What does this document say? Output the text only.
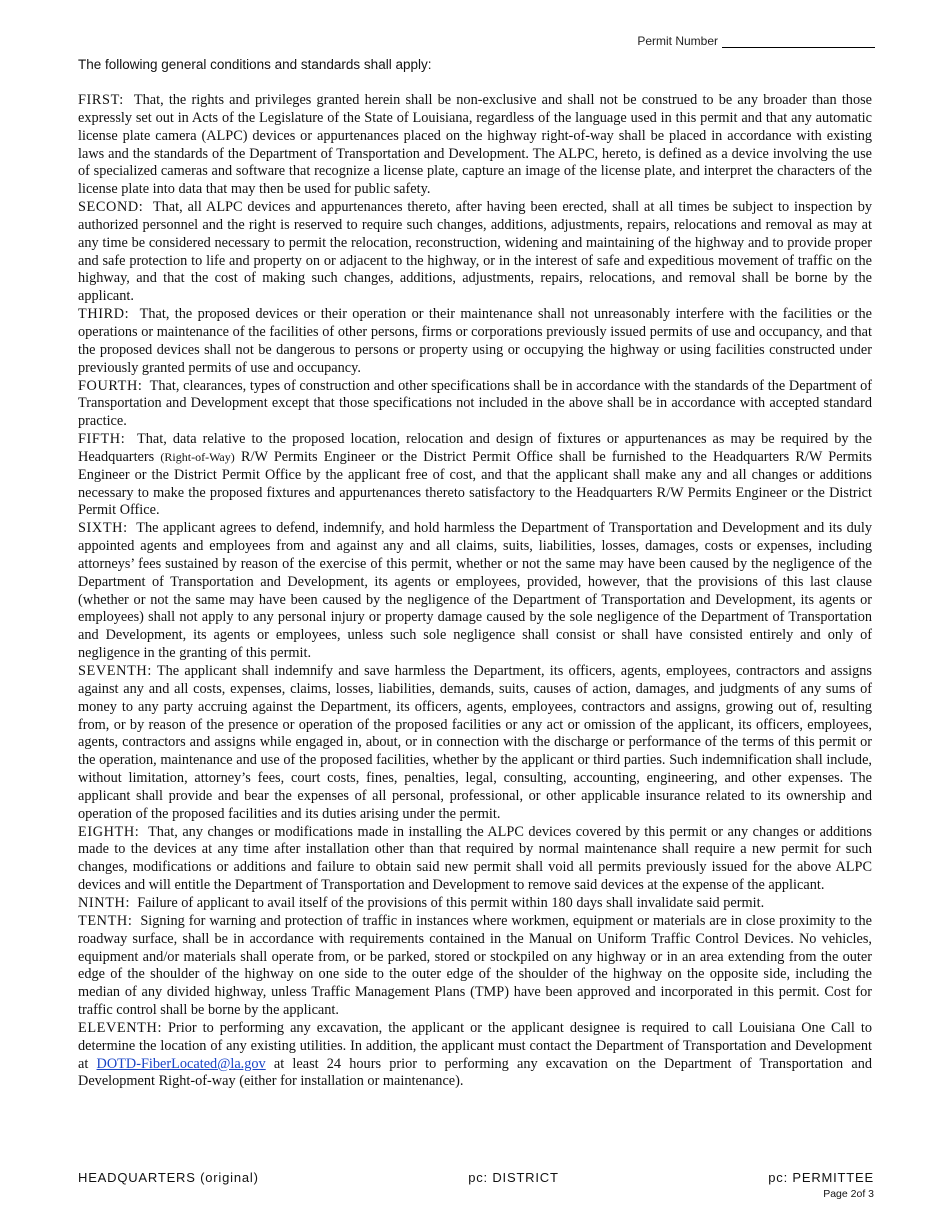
Permit Number
The following general conditions and standards shall apply:

FIRST: That, the rights and privileges granted herein shall be non-exclusive and shall not be construed to be any broader than those expressly set out in Acts of the Legislature of the State of Louisiana, regardless of the language used in this permit and that any automatic license plate camera (ALPC) devices or appurtenances placed on the highway right-of-way shall be placed in accordance with existing laws and the standards of the Department of Transportation and Development. The ALPC, hereto, is defined as a device involving the use of specialized cameras and software that recognize a license plate, capture an image of the license plate, and interpret the characters of the license plate into data that may then be used for public safety.

SECOND: That, all ALPC devices and appurtenances thereto, after having been erected, shall at all times be subject to inspection by authorized personnel and the right is reserved to require such changes, additions, adjustments, repairs, relocations and removal as may at any time be considered necessary to permit the relocation, reconstruction, widening and maintaining of the highway and to provide proper and safe protection to life and property on or adjacent to the highway, or in the interest of safe and expeditious movement of traffic on the highway, and that the cost of making such changes, additions, adjustments, repairs, relocations, and removal shall be borne by the applicant.

THIRD: That, the proposed devices or their operation or their maintenance shall not unreasonably interfere with the facilities or the operations or maintenance of the facilities of other persons, firms or corporations previously issued permits of use and occupancy, and that the proposed devices shall not be dangerous to persons or property using or occupying the highway or using facilities constructed under previously granted permits of use and occupancy.

FOURTH: That, clearances, types of construction and other specifications shall be in accordance with the standards of the Department of Transportation and Development except that those specifications not included in the above shall be in accordance with accepted standard practice.

FIFTH: That, data relative to the proposed location, relocation and design of fixtures or appurtenances as may be required by the Headquarters (Right-of-Way) R/W Permits Engineer or the District Permit Office shall be furnished to the Headquarters R/W Permits Engineer or the District Permit Office by the applicant free of cost, and that the applicant shall make any and all changes or additions necessary to make the proposed fixtures and appurtenances thereto satisfactory to the Headquarters R/W Permits Engineer or the District Permit Office.

SIXTH: The applicant agrees to defend, indemnify, and hold harmless the Department of Transportation and Development and its duly appointed agents and employees from and against any and all claims, suits, liabilities, losses, damages, costs or expenses, including attorneys’ fees sustained by reason of the exercise of this permit, whether or not the same may have been caused by the negligence of the Department of Transportation and Development, its agents or employees, provided, however, that the provisions of this last clause (whether or not the same may have been caused by the negligence of the Department of Transportation and Development, its agents or employees) shall not apply to any personal injury or property damage caused by the sole negligence of the Department of Transportation and Development, its agents or employees, unless such sole negligence shall consist or shall have consisted entirely and only of negligence in the granting of this permit.

SEVENTH: The applicant shall indemnify and save harmless the Department, its officers, agents, employees, contractors and assigns against any and all costs, expenses, claims, losses, liabilities, demands, suits, causes of action, damages, and judgments of any sums of money to any party accruing against the Department, its officers, agents, employees, contractors and assigns, growing out of, resulting from, or by reason of the presence or operation of the proposed facilities or any act or omission of the applicant, its officers, employees, agents, contractors and assigns while engaged in, about, or in connection with the discharge or performance of the terms of this permit or the operation, maintenance and use of the proposed facilities, whether by the applicant or third parties. Such indemnification shall include, without limitation, attorney’s fees, court costs, fines, penalties, legal, consulting, accounting, engineering, and other expenses. The applicant shall provide and bear the expenses of all personal, professional, or other applicable insurance related to its ownership and operation of the proposed facilities and its duties arising under the permit.

EIGHTH: That, any changes or modifications made in installing the ALPC devices covered by this permit or any changes or additions made to the devices at any time after installation other than that required by normal maintenance shall require a new permit for such changes, modifications or additions and failure to obtain said new permit shall void all permits previously issued for the above ALPC devices and will entitle the Department of Transportation and Development to remove said devices at the expense of the applicant.

NINTH: Failure of applicant to avail itself of the provisions of this permit within 180 days shall invalidate said permit.

TENTH: Signing for warning and protection of traffic in instances where workmen, equipment or materials are in close proximity to the roadway surface, shall be in accordance with requirements contained in the Manual on Uniform Traffic Control Devices. No vehicles, equipment and/or materials shall operate from, or be parked, stored or stockpiled on any highway or in an area extending from the outer edge of the shoulder of the highway on one side to the outer edge of the shoulder of the highway on the opposite side, including the median of any divided highway, unless Traffic Management Plans (TMP) have been approved and incorporated in this permit. Cost for traffic control shall be borne by the applicant.

ELEVENTH: Prior to performing any excavation, the applicant or the applicant designee is required to call Louisiana One Call to determine the location of any existing utilities. In addition, the applicant must contact the Department of Transportation and Development at DOTD-FiberLocated@la.gov at least 24 hours prior to performing any excavation on the Department of Transportation and Development Right-of-way (either for installation or maintenance).

HEADQUARTERS (original)	pc: DISTRICT	pc: PERMITTEE
Page 2of 3
